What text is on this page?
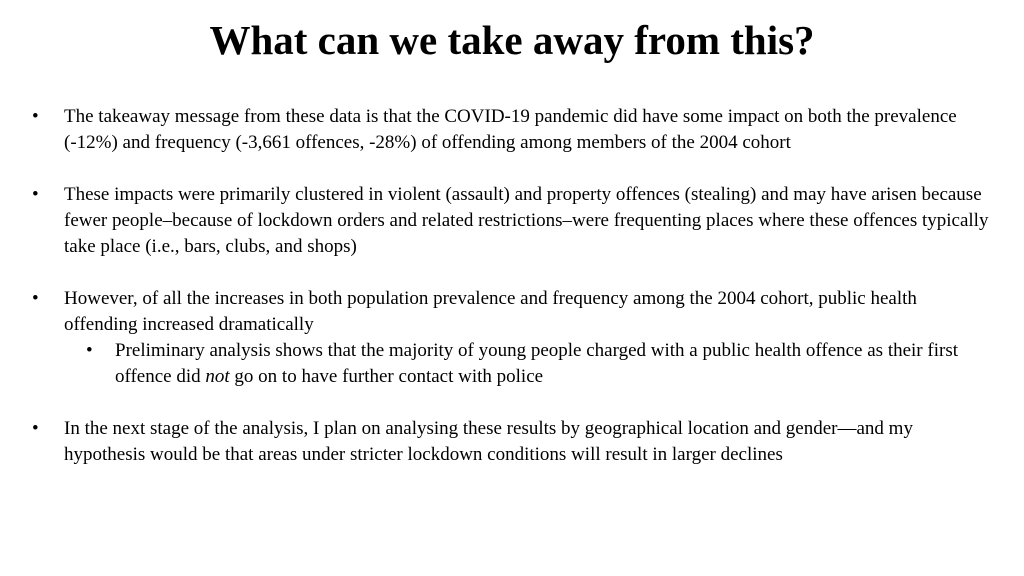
What can we take away from this?
• The takeaway message from these data is that the COVID-19 pandemic did have some impact on both the prevalence (-12%) and frequency (-3,661 offences, -28%) of offending among members of the 2004 cohort
• These impacts were primarily clustered in violent (assault) and property offences (stealing) and may have arisen because fewer people–because of lockdown orders and related restrictions–were frequenting places where these offences typically take place (i.e., bars, clubs, and shops)
• However, of all the increases in both population prevalence and frequency among the 2004 cohort, public health offending increased dramatically
• Preliminary analysis shows that the majority of young people charged with a public health offence as their first offence did not go on to have further contact with police
• In the next stage of the analysis, I plan on analysing these results by geographical location and gender—and my hypothesis would be that areas under stricter lockdown conditions will result in larger declines
